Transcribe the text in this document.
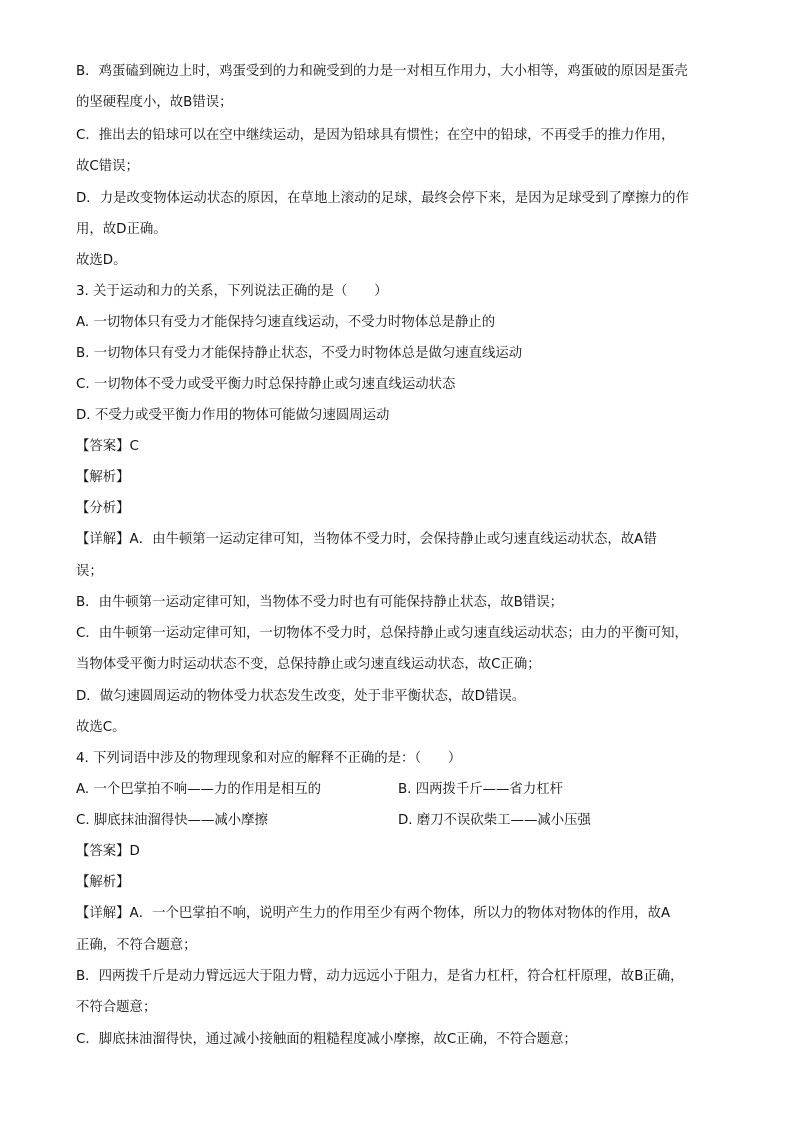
B．鸡蛋磕到碗边上时，鸡蛋受到的力和碗受到的力是一对相互作用力，大小相等，鸡蛋破的原因是蛋壳
的坚硬程度小，故B错误；
C．推出去的铅球可以在空中继续运动，是因为铅球具有惯性；在空中的铅球，不再受手的推力作用，
故C错误；
D．力是改变物体运动状态的原因，在草地上滚动的足球，最终会停下来，是因为足球受到了摩擦力的作
用，故D正确。
故选D。
3. 关于运动和力的关系，下列说法正确的是（　　）
A. 一切物体只有受力才能保持匀速直线运动，不受力时物体总是静止的
B. 一切物体只有受力才能保持静止状态，不受力时物体总是做匀速直线运动
C. 一切物体不受力或受平衡力时总保持静止或匀速直线运动状态
D. 不受力或受平衡力作用的物体可能做匀速圆周运动
【答案】C
【解析】
【分析】
【详解】A．由牛顿第一运动定律可知，当物体不受力时，会保持静止或匀速直线运动状态，故A错
误；
B．由牛顿第一运动定律可知，当物体不受力时也有可能保持静止状态，故B错误；
C．由牛顿第一运动定律可知，一切物体不受力时，总保持静止或匀速直线运动状态；由力的平衡可知，
当物体受平衡力时运动状态不变，总保持静止或匀速直线运动状态，故C正确；
D．做匀速圆周运动的物体受力状态发生改变，处于非平衡状态，故D错误。
故选C。
4. 下列词语中涉及的物理现象和对应的解释不正确的是：（　　）
A. 一个巴掌拍不响——力的作用是相互的	B. 四两拨千斤——省力杠杆
C. 脚底抹油溜得快——减小摩擦	D. 磨刀不误砍柴工——减小压强
【答案】D
【解析】
【详解】A．一个巴掌拍不响，说明产生力的作用至少有两个物体，所以力的物体对物体的作用，故A
正确，不符合题意；
B．四两拨千斤是动力臂远远大于阻力臂，动力远远小于阻力，是省力杠杆，符合杠杆原理，故B正确，
不符合题意；
C．脚底抹油溜得快，通过减小接触面的粗糙程度减小摩擦，故C正确，不符合题意；
